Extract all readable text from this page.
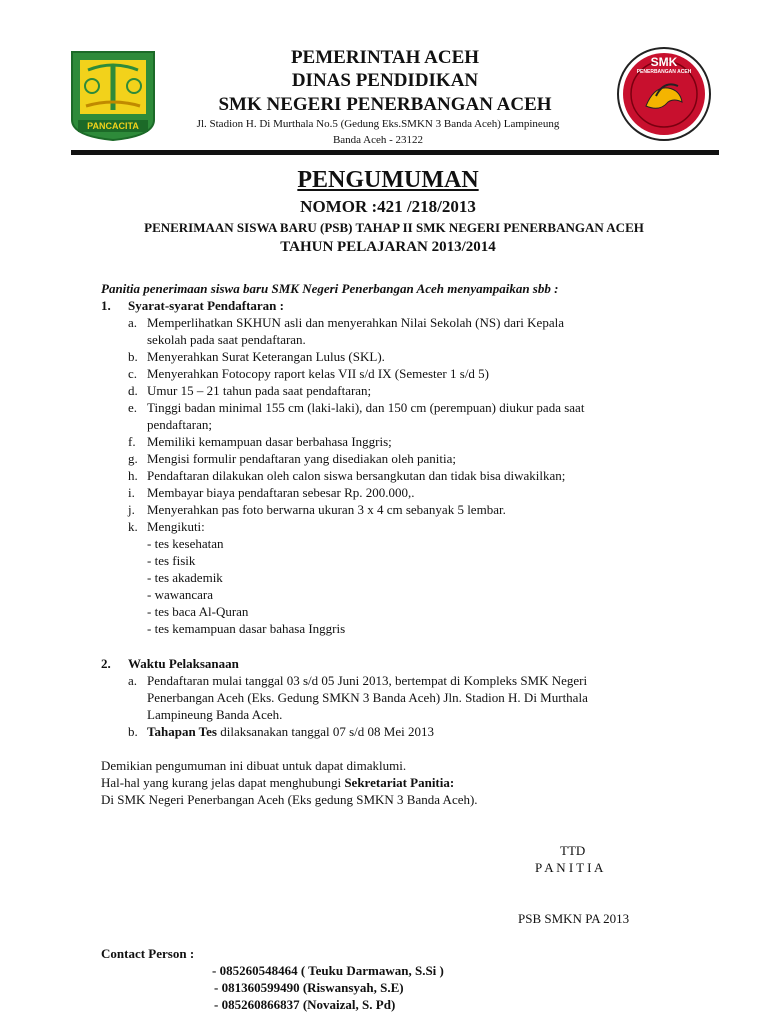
PANCACITA
SMK
PENERBANGAN ACEH
PEMERINTAH ACEH
DINAS PENDIDIKAN
SMK NEGERI PENERBANGAN ACEH
Jl. Stadion H. Di Murthala No.5 (Gedung Eks.SMKN 3 Banda Aceh) Lampineung
Banda Aceh - 23122
PENGUMUMAN
NOMOR :421 /218/2013
PENERIMAAN SISWA BARU (PSB) TAHAP II SMK NEGERI PENERBANGAN ACEH
TAHUN PELAJARAN 2013/2014
Panitia penerimaan siswa baru SMK Negeri Penerbangan Aceh menyampaikan sbb :
1. Syarat-syarat Pendaftaran :
a. Memperlihatkan SKHUN asli dan menyerahkan Nilai Sekolah (NS) dari Kepala
sekolah pada saat pendaftaran.
b. Menyerahkan Surat Keterangan Lulus (SKL).
c. Menyerahkan Fotocopy raport kelas VII s/d IX (Semester 1 s/d 5)
d. Umur 15 – 21 tahun pada saat pendaftaran;
e. Tinggi badan minimal 155 cm (laki-laki), dan 150 cm (perempuan) diukur pada saat
pendaftaran;
f. Memiliki kemampuan dasar berbahasa Inggris;
g. Mengisi formulir pendaftaran yang disediakan oleh panitia;
h. Pendaftaran dilakukan oleh calon siswa bersangkutan dan tidak bisa diwakilkan;
i. Membayar biaya pendaftaran sebesar Rp. 200.000,.
j. Menyerahkan pas foto berwarna ukuran 3 x 4 cm sebanyak 5 lembar.
k. Mengikuti:
- tes kesehatan
- tes fisik
- tes akademik
- wawancara
- tes baca Al-Quran
- tes kemampuan dasar bahasa Inggris
2. Waktu Pelaksanaan
a. Pendaftaran mulai tanggal 03 s/d 05 Juni 2013, bertempat di Kompleks SMK Negeri
Penerbangan Aceh (Eks. Gedung SMKN 3 Banda Aceh) Jln. Stadion H. Di Murthala
Lampineung Banda Aceh.
b. Tahapan Tes dilaksanakan tanggal 07 s/d 08 Mei 2013
Demikian pengumuman ini dibuat untuk dapat dimaklumi.
Hal-hal yang kurang jelas dapat menghubungi Sekretariat Panitia:
Di SMK Negeri Penerbangan Aceh (Eks gedung SMKN 3 Banda Aceh).
TTD
P A N I T I A
PSB SMKN PA 2013
Contact Person :
- 085260548464 ( Teuku Darmawan, S.Si )
- 081360599490 (Riswansyah, S.E)
- 085260866837 (Novaizal, S. Pd)
